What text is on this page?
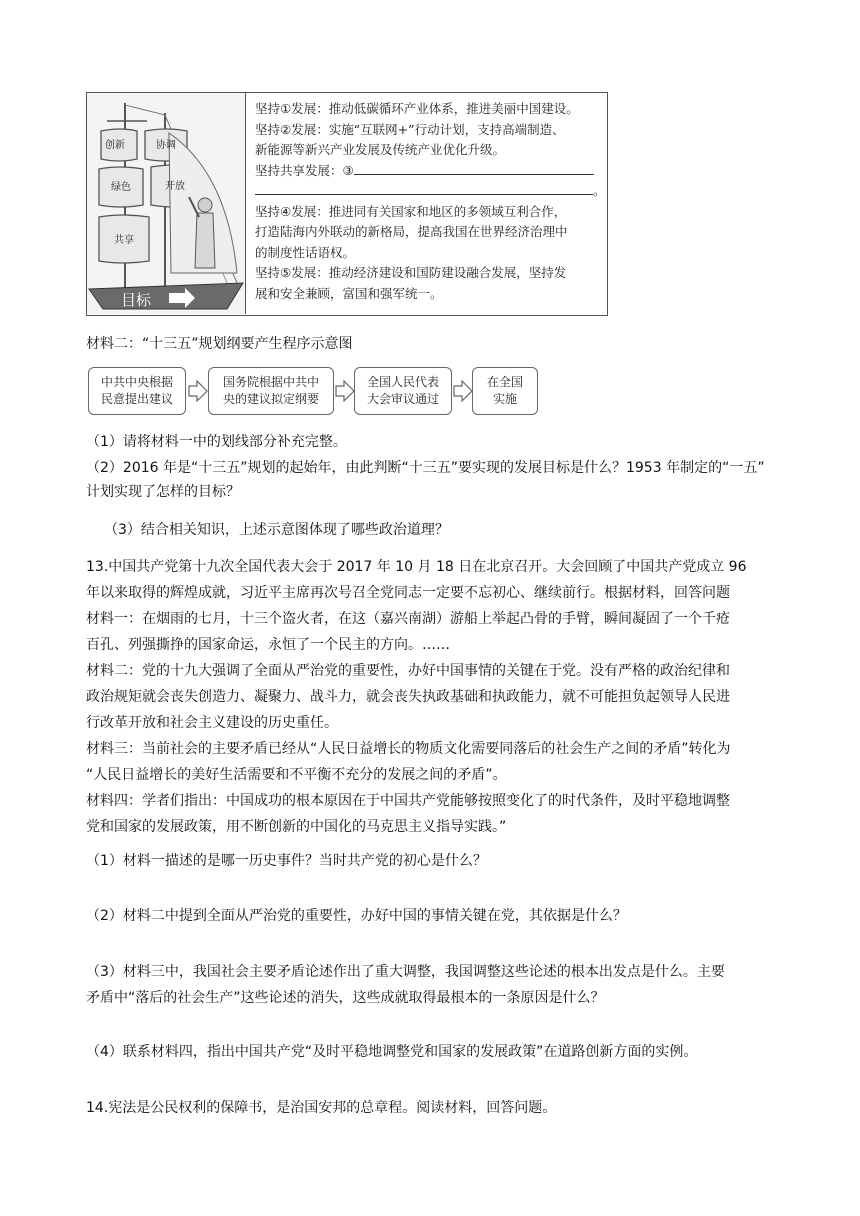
创新	协调
绿色	开放
共享
目标
坚持①发展：推动低碳循环产业体系，推进美丽中国建设。
坚持②发展：实施“互联网+”行动计划，支持高端制造、
新能源等新兴产业发展及传统产业优化升级。
坚持共享发展：③
。
坚持④发展：推进同有关国家和地区的多领域互利合作，
打造陆海内外联动的新格局，提高我国在世界经济治理中
的制度性话语权。
坚持⑤发展：推动经济建设和国防建设融合发展，坚持发
展和安全兼顾，富国和强军统一。
材料二：“十三五”规划纲要产生程序示意图
中共中央根据
民意提出建议
国务院根据中共中
央的建议拟定纲要
全国人民代表
大会审议通过
在全国
实施
（1）请将材料一中的划线部分补充完整。
（2）2016 年是“十三五”规划的起始年，由此判断“十三五”要实现的发展目标是什么？1953 年制定的“一五”
计划实现了怎样的目标？
（3）结合相关知识，上述示意图体现了哪些政治道理？
13.中国共产党第十九次全国代表大会于 2017 年 10 月 18 日在北京召开。大会回顾了中国共产党成立 96
年以来取得的辉煌成就，习近平主席再次号召全党同志一定要不忘初心、继续前行。根据材料，回答问题
材料一：在烟雨的七月，十三个盗火者，在这（嘉兴南湖）游船上举起凸骨的手臂，瞬间凝固了一个千疮
百孔、列强撕挣的国家命运，永恒了一个民主的方向。……
材料二：党的十九大强调了全面从严治党的重要性，办好中国事情的关键在于党。没有严格的政治纪律和
政治规矩就会丧失创造力、凝聚力、战斗力，就会丧失执政基础和执政能力，就不可能担负起领导人民进
行改革开放和社会主义建设的历史重任。
材料三：当前社会的主要矛盾已经从“人民日益增长的物质文化需要同落后的社会生产之间的矛盾”转化为
“人民日益增长的美好生活需要和不平衡不充分的发展之间的矛盾”。
材料四：学者们指出：中国成功的根本原因在于中国共产党能够按照变化了的时代条件，及时平稳地调整
党和国家的发展政策，用不断创新的中国化的马克思主义指导实践。”
（1）材料一描述的是哪一历史事件？当时共产党的初心是什么？
（2）材料二中提到全面从严治党的重要性，办好中国的事情关键在党，其依据是什么？
（3）材料三中，我国社会主要矛盾论述作出了重大调整，我国调整这些论述的根本出发点是什么。主要
矛盾中“落后的社会生产”这些论述的消失，这些成就取得最根本的一条原因是什么？
（4）联系材料四，指出中国共产党“及时平稳地调整党和国家的发展政策”在道路创新方面的实例。
14.宪法是公民权利的保障书，是治国安邦的总章程。阅读材料，回答问题。
